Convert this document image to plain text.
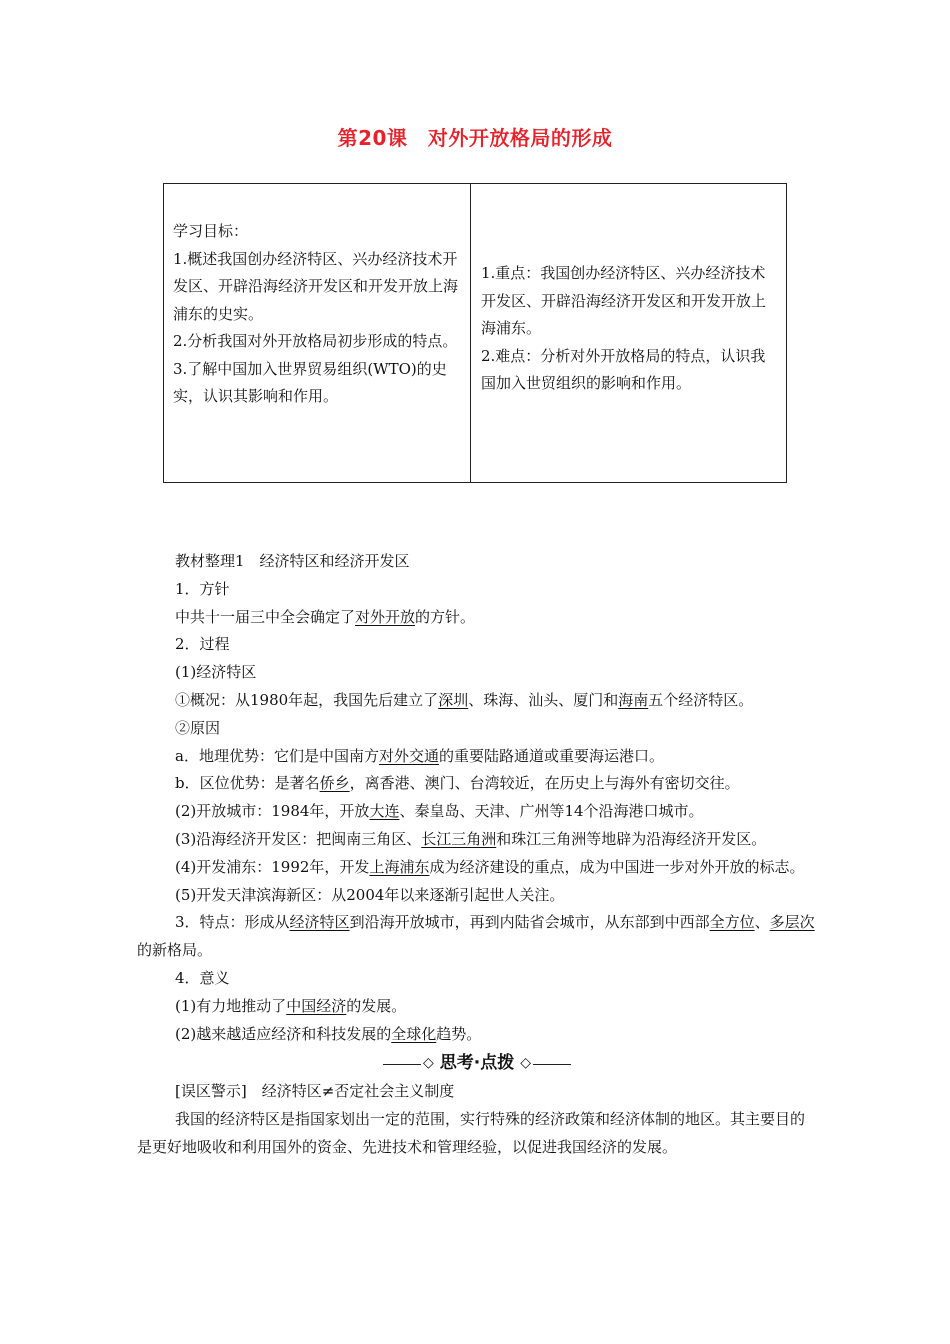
第20课　对外开放格局的形成

学习目标：

1.概述我国创办经济特区、兴办经济技术开发区、开辟沿海经济开发区和开发开放上海浦东的史实。

2.分析我国对外开放格局初步形成的特点。

3.了解中国加入世界贸易组织(WTO)的史实，认识其影响和作用。

1.重点：我国创办经济特区、兴办经济技术开发区、开辟沿海经济开发区和开发开放上海浦东。

2.难点：分析对外开放格局的特点，认识我国加入世贸组织的影响和作用。

教材整理1　经济特区和经济开发区

1．方针

中共十一届三中全会确定了对外开放的方针。

2．过程

(1)经济特区

①概况：从1980年起，我国先后建立了深圳、珠海、汕头、厦门和海南五个经济特区。

②原因

a．地理优势：它们是中国南方对外交通的重要陆路通道或重要海运港口。

b．区位优势：是著名侨乡，离香港、澳门、台湾较近，在历史上与海外有密切交往。

(2)开放城市：1984年，开放大连、秦皇岛、天津、广州等14个沿海港口城市。

(3)沿海经济开发区：把闽南三角区、长江三角洲和珠江三角洲等地辟为沿海经济开发区。

(4)开发浦东：1992年，开发上海浦东成为经济建设的重点，成为中国进一步对外开放的标志。

(5)开发天津滨海新区：从2004年以来逐渐引起世人关注。

3．特点：形成从经济特区到沿海开放城市，再到内陆省会城市，从东部到中西部全方位、多层次的新格局。

4．意义

(1)有力地推动了中国经济的发展。

(2)越来越适应经济和科技发展的全球化趋势。

◇ 思考·点拨 ◇

[误区警示]　经济特区≠否定社会主义制度

我国的经济特区是指国家划出一定的范围，实行特殊的经济政策和经济体制的地区。其主要目的是更好地吸收和利用国外的资金、先进技术和管理经验，以促进我国经济的发展。
